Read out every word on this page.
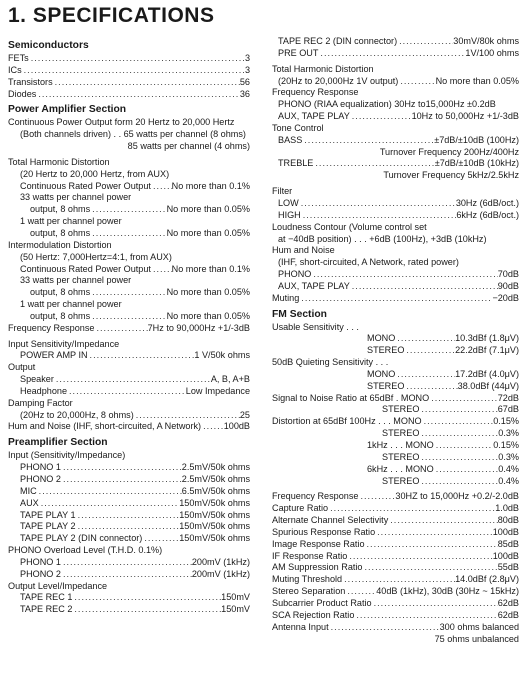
1. SPECIFICATIONS
Semiconductors
FETs .....	3
ICs .....	3
Transistors .....	56
Diodes .....	36
Power Amplifier Section
Continuous Power Output form 20 Hertz to 20,000 Hertz
(Both channels driven) . . 65 watts per channel (8 ohms)
85 watts per channel (4 ohms)
Total Harmonic Distortion
(20 Hertz to 20,000 Hertz, from AUX)
Continuous Rated Power Output ..... No more than 0.1%
33 watts per channel power
output, 8 ohms .....	No more than 0.05%
1 watt per channel power
output, 8 ohms .....	No more than 0.05%
Intermodulation Distortion
(50 Hertz: 7,000Hertz=4:1, from AUX)
Continuous Rated Power Output ..... No more than 0.1%
33 watts per channel power
output, 8 ohms .....	No more than 0.05%
1 watt per channel power
output, 8 ohms .....	No more than 0.05%
Frequency Response .....	7Hz to 90,000Hz +1/-3dB
Input Sensitivity/Impedance
POWER AMP IN .....	1 V/50k ohms
Output
Speaker .....	A, B, A+B
Headphone .....	Low Impedance
Damping Factor
(20Hz to 20,000Hz, 8 ohms) .....	25
Hum and Noise (IHF, short-circuited, A Network) ..... 100dB
Preamplifier Section
Input (Sensitivity/Impedance)
PHONO 1 .....	2.5mV/50k ohms
PHONO 2 .....	2.5mV/50k ohms
MIC .....	6.5mV/50k ohms
AUX .....	150mV/50k ohms
TAPE PLAY 1 .....	150mV/50k ohms
TAPE PLAY 2 .....	150mV/50k ohms
TAPE PLAY 2 (DIN connector) .....	150mV/50k ohms
PHONO Overload Level (T.H.D. 0.1%)
PHONO 1 .....	200mV (1kHz)
PHONO 2 .....	200mV (1kHz)
Output Level/Impedance
TAPE REC 1 .....	150mV
TAPE REC 2 .....	150mV
TAPE REC 2 (DIN connector) .....	30mV/80k ohms
PRE OUT .....	1V/100 ohms
Total Harmonic Distortion
(20Hz to 20,000Hz 1V output) .....	No more than 0.05%
Frequency Response
PHONO (RIAA equalization) 30Hz to15,000Hz ±0.2dB
AUX, TAPE PLAY .....	10Hz to 50,000Hz +1/-3dB
Tone Control
BASS .....	±7dB/±10dB (100Hz)
Turnover Frequency 200Hz/400Hz
TREBLE .....	±7dB/±10dB (10kHz)
Turnover Frequency 5kHz/2.5kHz
Filter
LOW .....	30Hz (6dB/oct.)
HIGH .....	6kHz (6dB/oct.)
Loudness Contour (Volume control set
at −40dB position) . . . +6dB (100Hz), +3dB (10kHz)
Hum and Noise
(IHF, short-circuited, A Network, rated power)
PHONO .....	70dB
AUX, TAPE PLAY .....	90dB
Muting .....	−20dB
FM Section
Usable Sensitivity . . .
MONO .....	10.3dBf (1.8μV)
STEREO .....	22.2dBf (7.1μV)
50dB Quieting Sensitivity . . .
MONO .....	17.2dBf (4.0μV)
STEREO .....	38.0dBf (44μV)
Signal to Noise Ratio at 65dBf . MONO .....	72dB
STEREO .....	67dB
Distortion at 65dBf 100Hz . . . MONO .....	0.15%
STEREO .....	0.3%
1kHz . . . MONO .....	0.15%
STEREO .....	0.3%
6kHz . . . MONO .....	0.4%
STEREO .....	0.4%
Frequency Response .....	30HZ to 15,000Hz +0.2/-2.0dB
Capture Ratio .....	1.0dB
Alternate Channel Selectivity .....	80dB
Spurious Response Ratio .....	100dB
Image Response Ratio .....	85dB
IF Response Ratio .....	100dB
AM Suppression Ratio .....	55dB
Muting Threshold .....	14.0dBf (2.8μV)
Stereo Separation .....	40dB (1kHz), 30dB (30Hz ~ 15kHz)
Subcarrier Product Ratio .....	62dB
SCA Rejection Ratio .....	62dB
Antenna Input .....	300 ohms balanced
75 ohms unbalanced
